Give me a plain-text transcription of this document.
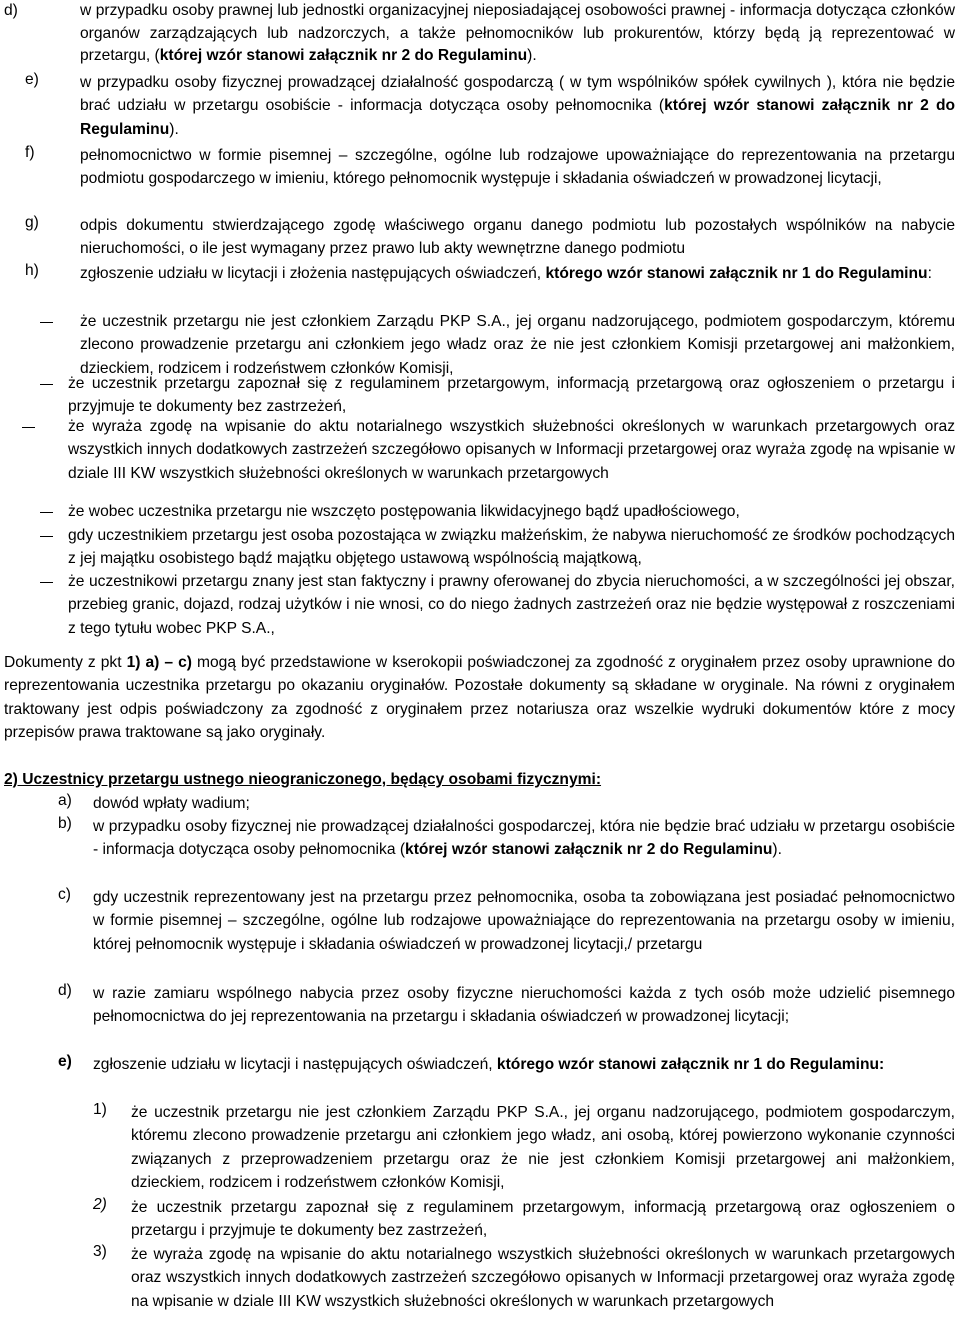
d)	w przypadku osoby prawnej lub jednostki organizacyjnej nieposiadającej osobowości prawnej - informacja dotycząca członków organów zarządzających lub nadzorczych, a także pełnomocników lub prokurentów, którzy będą ją reprezentować w przetargu, (której wzór stanowi załącznik nr 2 do Regulaminu).
e)	w przypadku osoby fizycznej prowadzącej działalność gospodarczą ( w tym wspólników spółek cywilnych ), która nie będzie brać udziału w przetargu osobiście - informacja dotycząca osoby pełnomocnika (której wzór stanowi załącznik nr 2 do Regulaminu).
f)	pełnomocnictwo w formie pisemnej – szczególne, ogólne lub rodzajowe upoważniające do reprezentowania na przetargu podmiotu gospodarczego w imieniu, którego pełnomocnik występuje i składania oświadczeń w prowadzonej licytacji,
g)	odpis dokumentu stwierdzającego zgodę właściwego organu danego podmiotu lub pozostałych wspólników na nabycie nieruchomości, o ile jest wymagany przez prawo lub akty wewnętrzne danego podmiotu
h)	zgłoszenie udziału w licytacji i złożenia następujących oświadczeń, którego wzór stanowi załącznik nr 1 do Regulaminu:
że uczestnik przetargu nie jest członkiem Zarządu PKP S.A., jej organu nadzorującego, podmiotem gospodarczym, któremu zlecono prowadzenie przetargu ani członkiem jego władz oraz że nie jest członkiem Komisji przetargowej ani małżonkiem, dzieckiem, rodzicem i rodzeństwem członków Komisji,
że uczestnik przetargu zapoznał się z regulaminem przetargowym, informacją przetargową oraz ogłoszeniem o przetargu i przyjmuje te dokumenty bez zastrzeżeń,
że wyraża zgodę na wpisanie do aktu notarialnego wszystkich służebności określonych w warunkach przetargowych oraz wszystkich innych dodatkowych zastrzeżeń szczegółowo opisanych w Informacji przetargowej oraz wyraża zgodę na wpisanie w dziale III KW wszystkich służebności określonych w warunkach przetargowych
że wobec uczestnika przetargu nie wszczęto postępowania likwidacyjnego bądź upadłościowego,
gdy uczestnikiem przetargu jest osoba pozostająca w związku małżeńskim, że nabywa nieruchomość ze środków pochodzących z jej majątku osobistego bądź majątku objętego ustawową wspólnością majątkową,
że uczestnikowi przetargu znany jest stan faktyczny i prawny oferowanej do zbycia nieruchomości, a w szczególności jej obszar, przebieg granic, dojazd, rodzaj użytków i nie wnosi, co do niego żadnych zastrzeżeń oraz nie będzie występował z roszczeniami z tego tytułu wobec PKP S.A.,
Dokumenty z pkt 1) a) – c) mogą być przedstawione w kserokopii poświadczonej za zgodność z oryginałem przez osoby uprawnione do reprezentowania uczestnika przetargu po okazaniu oryginałów. Pozostałe dokumenty są składane w oryginale. Na równi z oryginałem traktowany jest odpis poświadczony za zgodność z oryginałem przez notariusza oraz wszelkie wydruki dokumentów które z mocy przepisów prawa traktowane są jako oryginały.
2) Uczestnicy przetargu ustnego nieograniczonego, będący osobami fizycznymi:
a) dowód wpłaty wadium;
b) w przypadku osoby fizycznej nie prowadzącej działalności gospodarczej, która nie będzie brać udziału w przetargu osobiście - informacja dotycząca osoby pełnomocnika (której wzór stanowi załącznik nr 2 do Regulaminu).
c) gdy uczestnik reprezentowany jest na przetargu przez pełnomocnika, osoba ta zobowiązana jest posiadać pełnomocnictwo w formie pisemnej – szczególne, ogólne lub rodzajowe upoważniające do reprezentowania na przetargu osoby w imieniu, której pełnomocnik występuje i składania oświadczeń w prowadzonej licytacji,/ przetargu
d) w razie zamiaru wspólnego nabycia przez osoby fizyczne nieruchomości każda z tych osób może udzielić pisemnego pełnomocnictwa do jej reprezentowania na przetargu i składania oświadczeń w prowadzonej licytacji;
e) zgłoszenie udziału w licytacji i następujących oświadczeń, którego wzór stanowi załącznik nr 1 do Regulaminu:
1) że uczestnik przetargu nie jest członkiem Zarządu PKP S.A., jej organu nadzorującego, podmiotem gospodarczym, któremu zlecono prowadzenie przetargu ani członkiem jego władz, ani osobą, której powierzono wykonanie czynności związanych z przeprowadzeniem przetargu oraz że nie jest członkiem Komisji przetargowej ani małżonkiem, dzieckiem, rodzicem i rodzeństwem członków Komisji,
2) że uczestnik przetargu zapoznał się z regulaminem przetargowym, informacją przetargową oraz ogłoszeniem o przetargu i przyjmuje te dokumenty bez zastrzeżeń,
3) że wyraża zgodę na wpisanie do aktu notarialnego wszystkich służebności określonych w warunkach przetargowych oraz wszystkich innych dodatkowych zastrzeżeń szczegółowo opisanych w Informacji przetargowej oraz wyraża zgodę na wpisanie w dziale III KW wszystkich służebności określonych w warunkach przetargowych
